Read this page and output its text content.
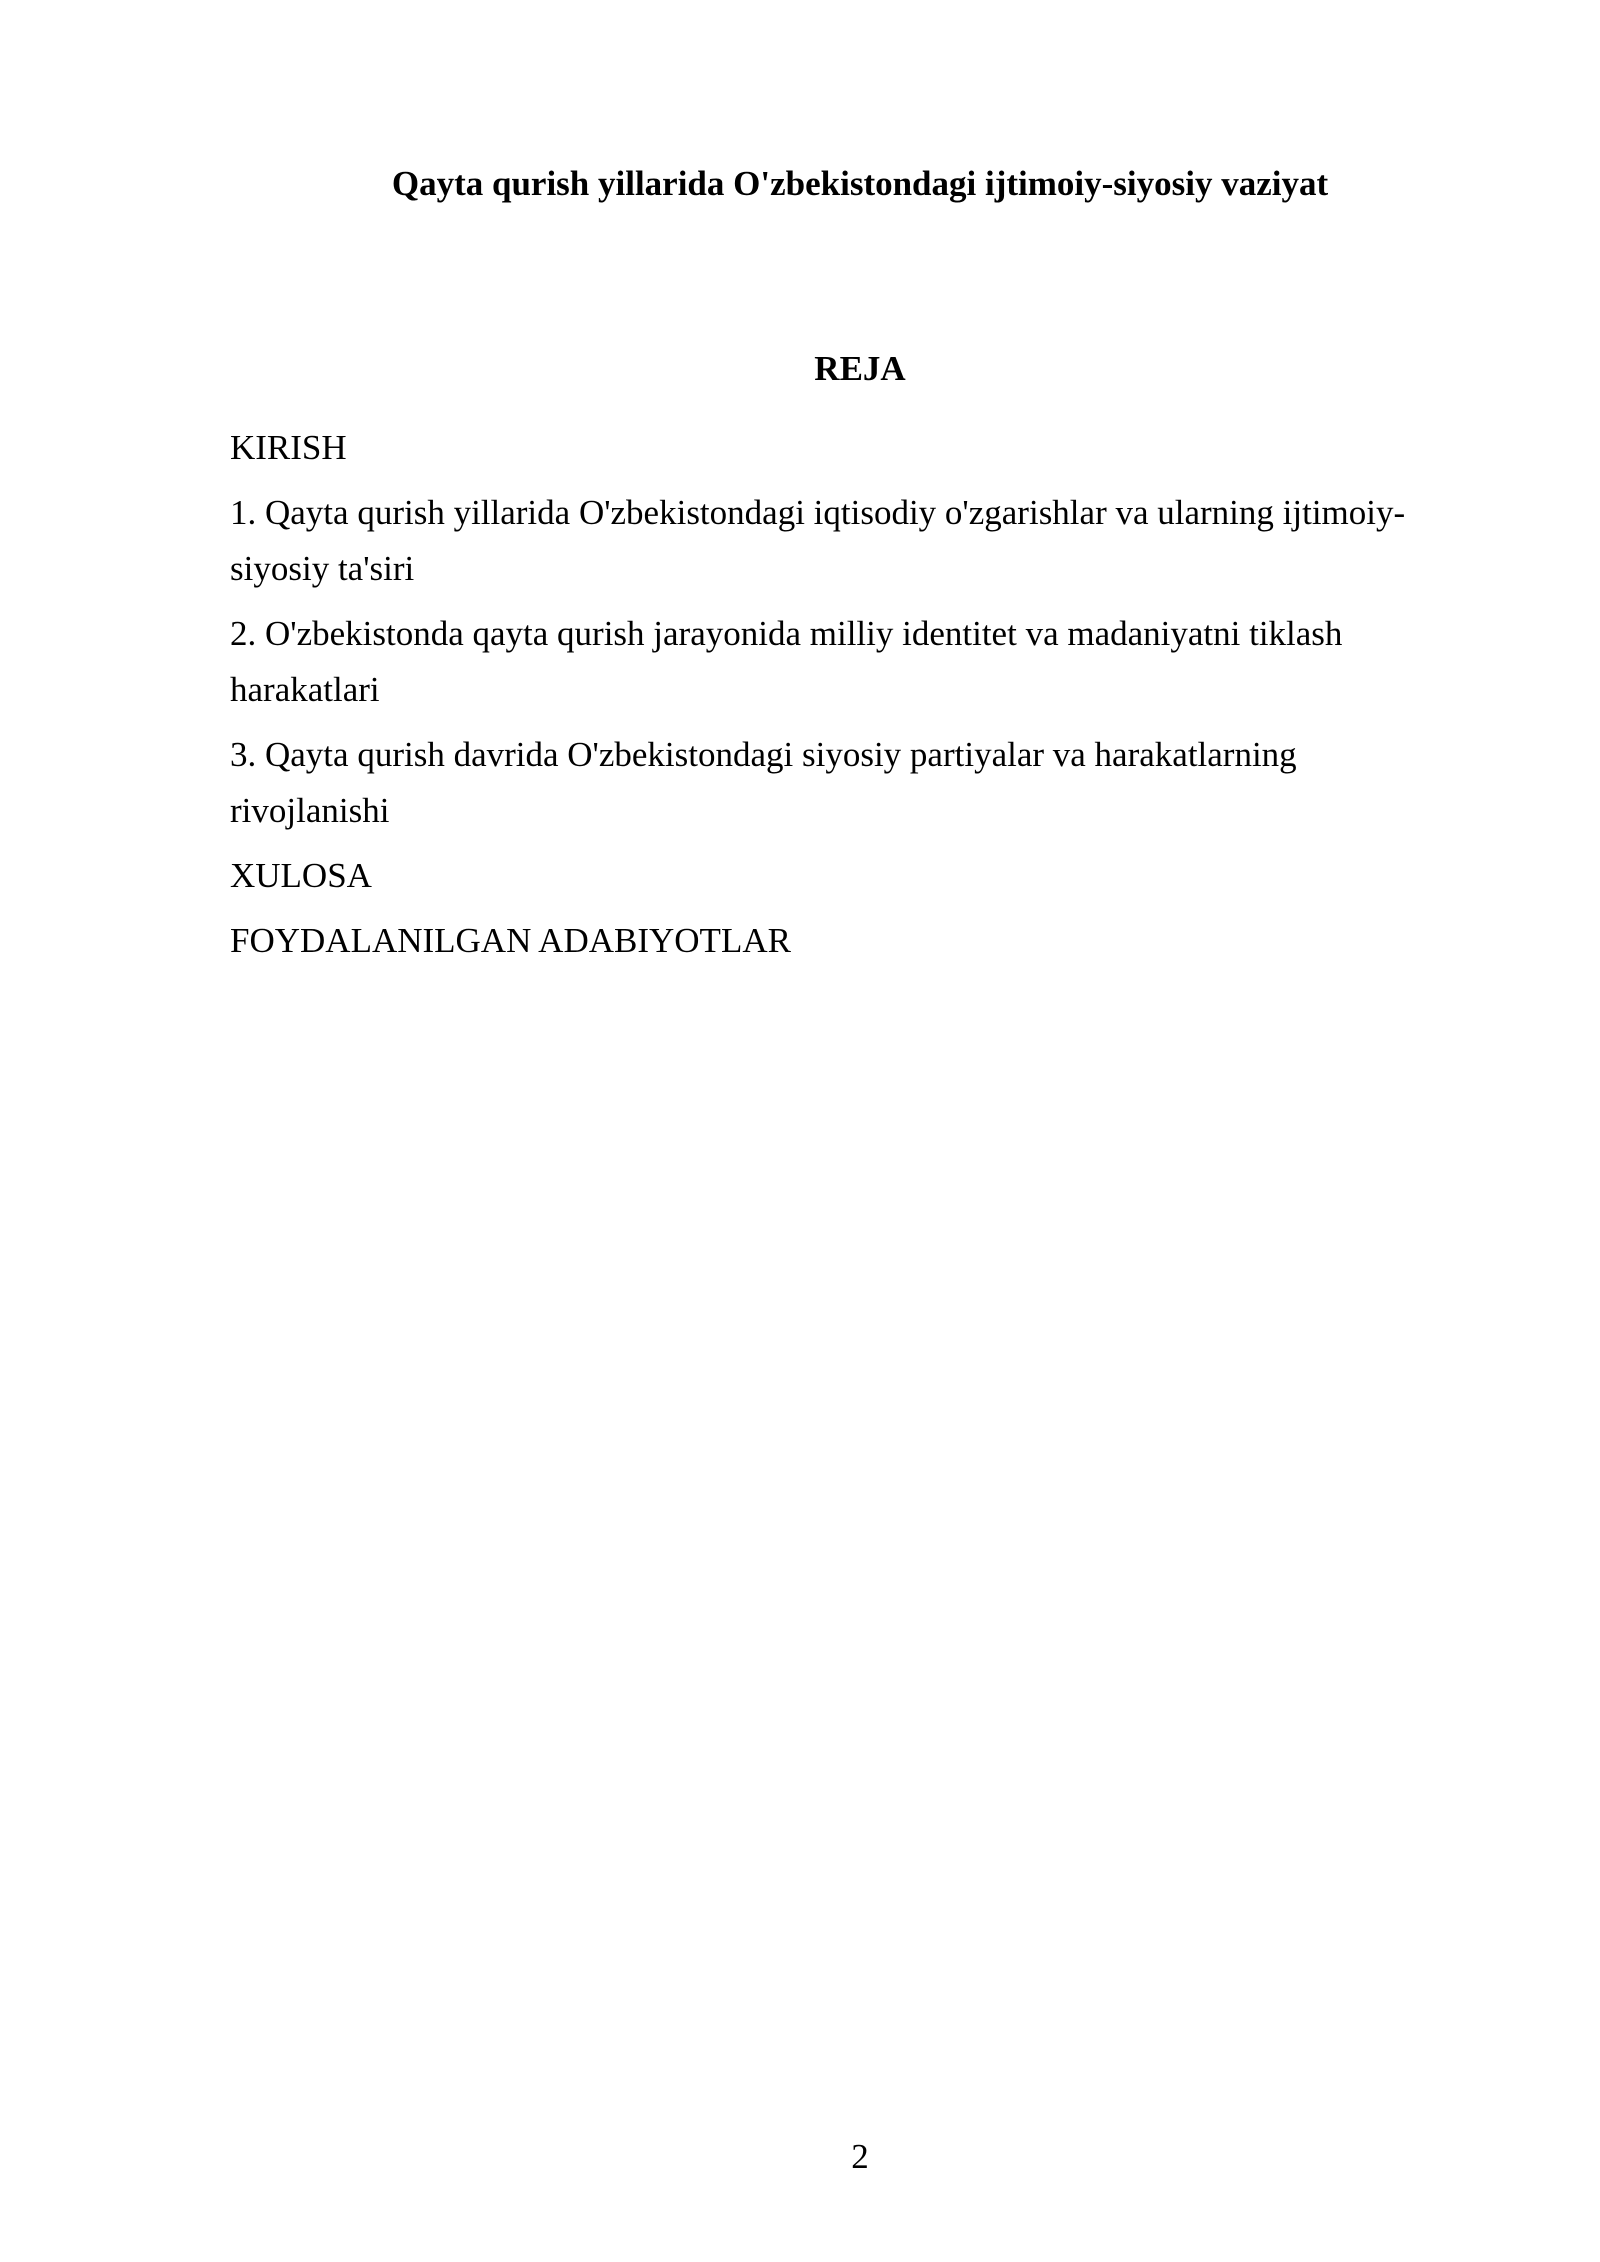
Qayta qurish yillarida O'zbekistondagi ijtimoiy-siyosiy vaziyat
REJA
KIRISH
1. Qayta qurish yillarida O'zbekistondagi iqtisodiy o'zgarishlar va ularning ijtimoiy-siyosiy ta'siri
2. O'zbekistonda qayta qurish jarayonida milliy identitet va madaniyatni tiklash harakatlari
3. Qayta qurish davrida O'zbekistondagi siyosiy partiyalar va harakatlarning rivojlanishi
XULOSA
FOYDALANILGAN ADABIYOTLAR
2
